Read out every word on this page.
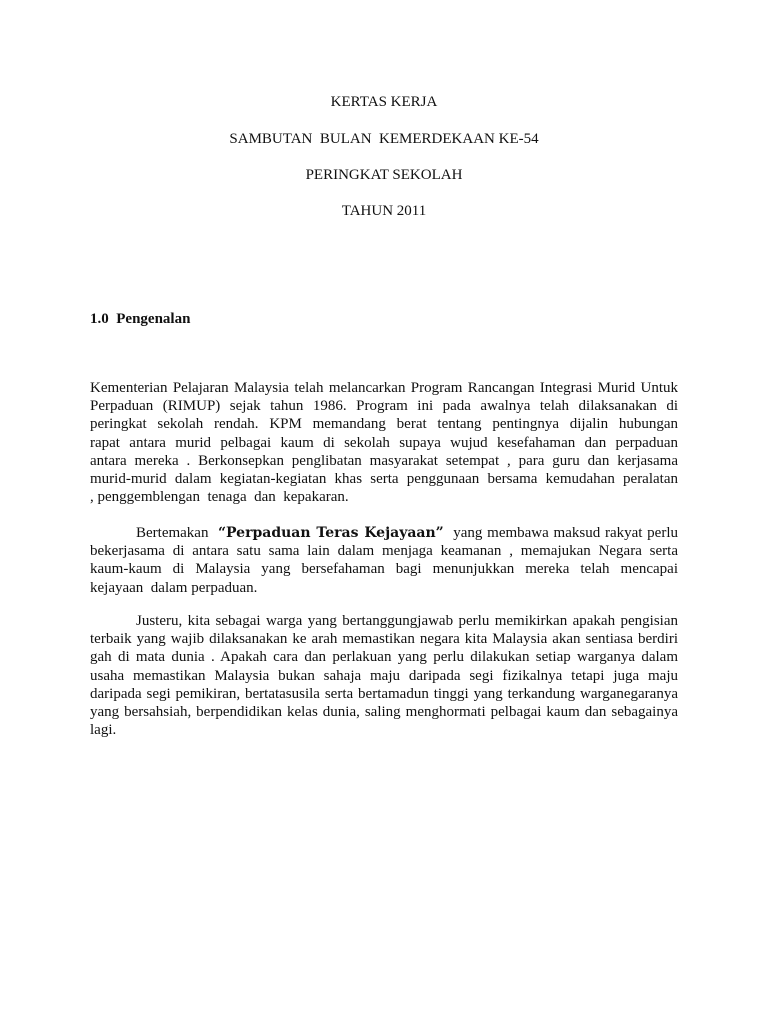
KERTAS KERJA
SAMBUTAN  BULAN  KEMERDEKAAN KE-54
PERINGKAT SEKOLAH
TAHUN 2011
1.0  Pengenalan
Kementerian Pelajaran Malaysia telah melancarkan Program Rancangan Integrasi Murid Untuk
Perpaduan (RIMUP) sejak tahun 1986. Program ini pada awalnya telah dilaksanakan di
peringkat sekolah rendah. KPM memandang berat tentang pentingnya dijalin hubungan
rapat antara murid pelbagai kaum di sekolah supaya wujud kesefahaman dan perpaduan
antara mereka . Berkonsepkan penglibatan masyarakat setempat , para guru dan kerjasama
murid-murid dalam kegiatan-kegiatan khas serta penggunaan bersama kemudahan peralatan
, penggemblengan  tenaga  dan  kepakaran.
Bertemakan “Perpaduan Teras Kejayaan” yang membawa maksud rakyat perlu
bekerjasama di antara satu sama lain dalam menjaga keamanan , memajukan Negara serta
kaum-kaum di Malaysia yang bersefahaman bagi menunjukkan mereka telah mencapai
kejayaan  dalam perpaduan.
Justeru, kita sebagai warga yang bertanggungjawab perlu memikirkan apakah pengisian
terbaik yang wajib dilaksanakan ke arah memastikan negara kita Malaysia akan sentiasa berdiri
gah di mata dunia . Apakah cara dan perlakuan yang perlu dilakukan setiap warganya dalam
usaha memastikan Malaysia bukan sahaja maju daripada segi fizikalnya tetapi juga maju
daripada segi pemikiran, bertatasusila serta bertamadun tinggi yang terkandung warganegaranya
yang bersahsiah, berpendidikan kelas dunia, saling menghormati pelbagai kaum dan sebagainya
lagi.
